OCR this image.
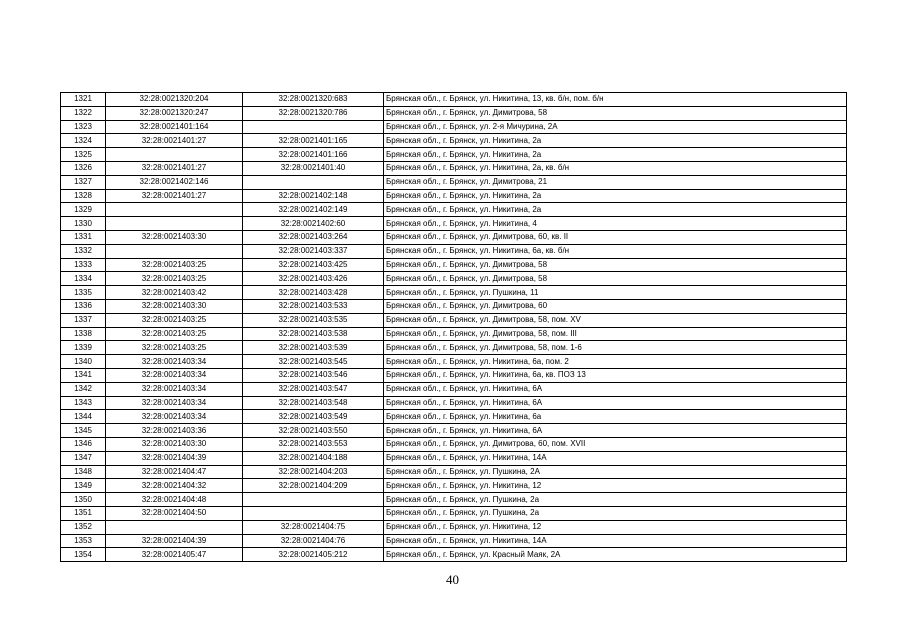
1321	32:28:0021320:204	32:28:0021320:683	Брянская обл., г. Брянск, ул. Никитина, 13, кв. б/н, пом. б/н
1322	32:28:0021320:247	32:28:0021320:786	Брянская обл., г. Брянск, ул. Димитрова, 58
1323	32:28:0021401:164		Брянская обл., г. Брянск, ул. 2-я Мичурина, 2А
1324	32:28:0021401:27	32:28:0021401:165	Брянская обл., г. Брянск, ул. Никитина, 2а
1325		32:28:0021401:166	Брянская обл., г. Брянск, ул. Никитина, 2а
1326	32:28:0021401:27	32:28:0021401:40	Брянская обл., г. Брянск, ул. Никитина, 2а, кв. б/н
1327	32:28:0021402:146		Брянская обл., г. Брянск, ул. Димитрова, 21
1328	32:28:0021401:27	32:28:0021402:148	Брянская обл., г. Брянск, ул. Никитина, 2а
1329		32:28:0021402:149	Брянская обл., г. Брянск, ул. Никитина, 2а
1330		32:28:0021402:60	Брянская обл., г. Брянск, ул. Никитина, 4
1331	32:28:0021403:30	32:28:0021403:264	Брянская обл., г. Брянск, ул. Димитрова, 60, кв. II
1332		32:28:0021403:337	Брянская обл., г. Брянск, ул. Никитина, 6а, кв. б/н
1333	32:28:0021403:25	32:28:0021403:425	Брянская обл., г. Брянск, ул. Димитрова, 58
1334	32:28:0021403:25	32:28:0021403:426	Брянская обл., г. Брянск, ул. Димитрова, 58
1335	32:28:0021403:42	32:28:0021403:428	Брянская обл., г. Брянск, ул. Пушкина, 11
1336	32:28:0021403:30	32:28:0021403:533	Брянская обл., г. Брянск, ул. Димитрова, 60
1337	32:28:0021403:25	32:28:0021403:535	Брянская обл., г. Брянск, ул. Димитрова, 58, пом. XV
1338	32:28:0021403:25	32:28:0021403:538	Брянская обл., г. Брянск, ул. Димитрова, 58, пом. III
1339	32:28:0021403:25	32:28:0021403:539	Брянская обл., г. Брянск, ул. Димитрова, 58, пом. 1-6
1340	32:28:0021403:34	32:28:0021403:545	Брянская обл., г. Брянск, ул. Никитина, 6а, пом. 2
1341	32:28:0021403:34	32:28:0021403:546	Брянская обл., г. Брянск, ул. Никитина, 6а, кв. ПОЗ 13
1342	32:28:0021403:34	32:28:0021403:547	Брянская обл., г. Брянск, ул. Никитина, 6А
1343	32:28:0021403:34	32:28:0021403:548	Брянская обл., г. Брянск, ул. Никитина, 6А
1344	32:28:0021403:34	32:28:0021403:549	Брянская обл., г. Брянск, ул. Никитина, 6а
1345	32:28:0021403:36	32:28:0021403:550	Брянская обл., г. Брянск, ул. Никитина, 6А
1346	32:28:0021403:30	32:28:0021403:553	Брянская обл., г. Брянск, ул. Димитрова, 60, пом. XVII
1347	32:28:0021404:39	32:28:0021404:188	Брянская обл., г. Брянск, ул. Никитина, 14А
1348	32:28:0021404:47	32:28:0021404:203	Брянская обл., г. Брянск, ул. Пушкина, 2А
1349	32:28:0021404:32	32:28:0021404:209	Брянская обл., г. Брянск, ул. Никитина, 12
1350	32:28:0021404:48		Брянская обл., г. Брянск, ул. Пушкина, 2а
1351	32:28:0021404:50		Брянская обл., г. Брянск, ул. Пушкина, 2а
1352		32:28:0021404:75	Брянская обл., г. Брянск, ул. Никитина, 12
1353	32:28:0021404:39	32:28:0021404:76	Брянская обл., г. Брянск, ул. Никитина, 14А
1354	32:28:0021405:47	32:28:0021405:212	Брянская обл., г. Брянск, ул. Красный Маяк, 2А
40
